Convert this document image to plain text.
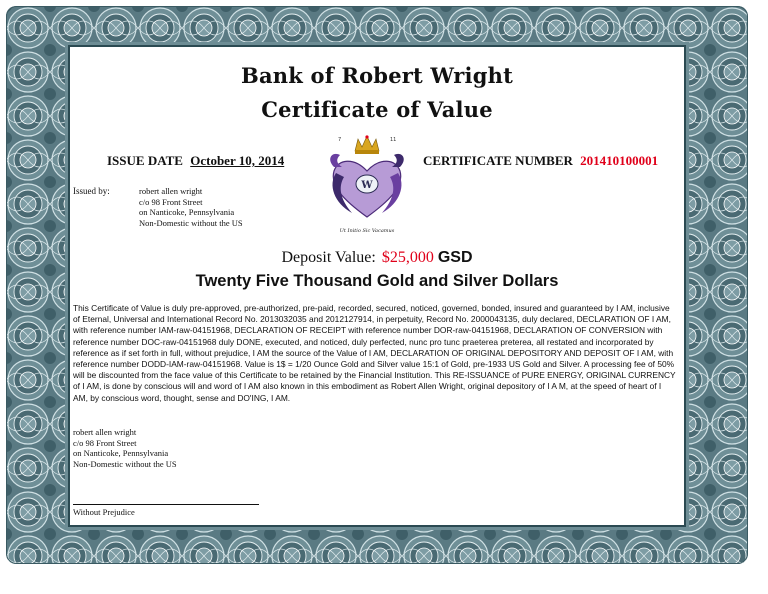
Bank of Robert Wright
Certificate of Value
ISSUE DATE October 10, 2014	CERTIFICATE NUMBER 201410100001
7	11
W
Ut Initio Sic Vacamus
Issued by:	robert allen wright
c/o 98 Front Street
on Nanticoke, Pennsylvania
Non-Domestic without the US
Deposit Value: $25,000 GSD
Twenty Five Thousand Gold and Silver Dollars
This Certificate of Value is duly pre-approved, pre-authorized, pre-paid, recorded, secured, noticed, governed, bonded, insured and guaranteed by I AM, inclusive of Eternal, Universal and International Record No. 2013032035 and 2012127914, in perpetuity, Record No. 2000043135, duly declared, DECLARATION OF I AM, with reference number IAM-raw-04151968, DECLARATION OF RECEIPT with reference number DOR-raw-04151968, DECLARATION OF CONVERSION with reference number DOC-raw-04151968 duly DONE, executed, and noticed, duly perfected, nunc pro tunc praeterea preterea, all restated and incorporated by reference as if set forth in full, without prejudice, I AM the source of the Value of I AM, DECLARATION OF ORIGINAL DEPOSITORY AND DEPOSIT OF I AM, with reference number DODD-IAM-raw-04151968. Value is 1$ = 1/20 Ounce Gold and Silver value 15:1 of Gold, pre-1933 US Gold and Silver. A processing fee of 50% will be discounted from the face value of this Certificate to be retained by the Financial Institution. This RE-ISSUANCE of PURE ENERGY, ORIGINAL CURRENCY of I AM, is done by conscious will and word of I AM also known in this embodiment as Robert Allen Wright, original depository of I A M, at the speed of heart of I AM, by conscious word, thought, sense and DO'ING, I AM.
robert allen wright
c/o 98 Front Street
on Nanticoke, Pennsylvania
Non-Domestic without the US
Without Prejudice
